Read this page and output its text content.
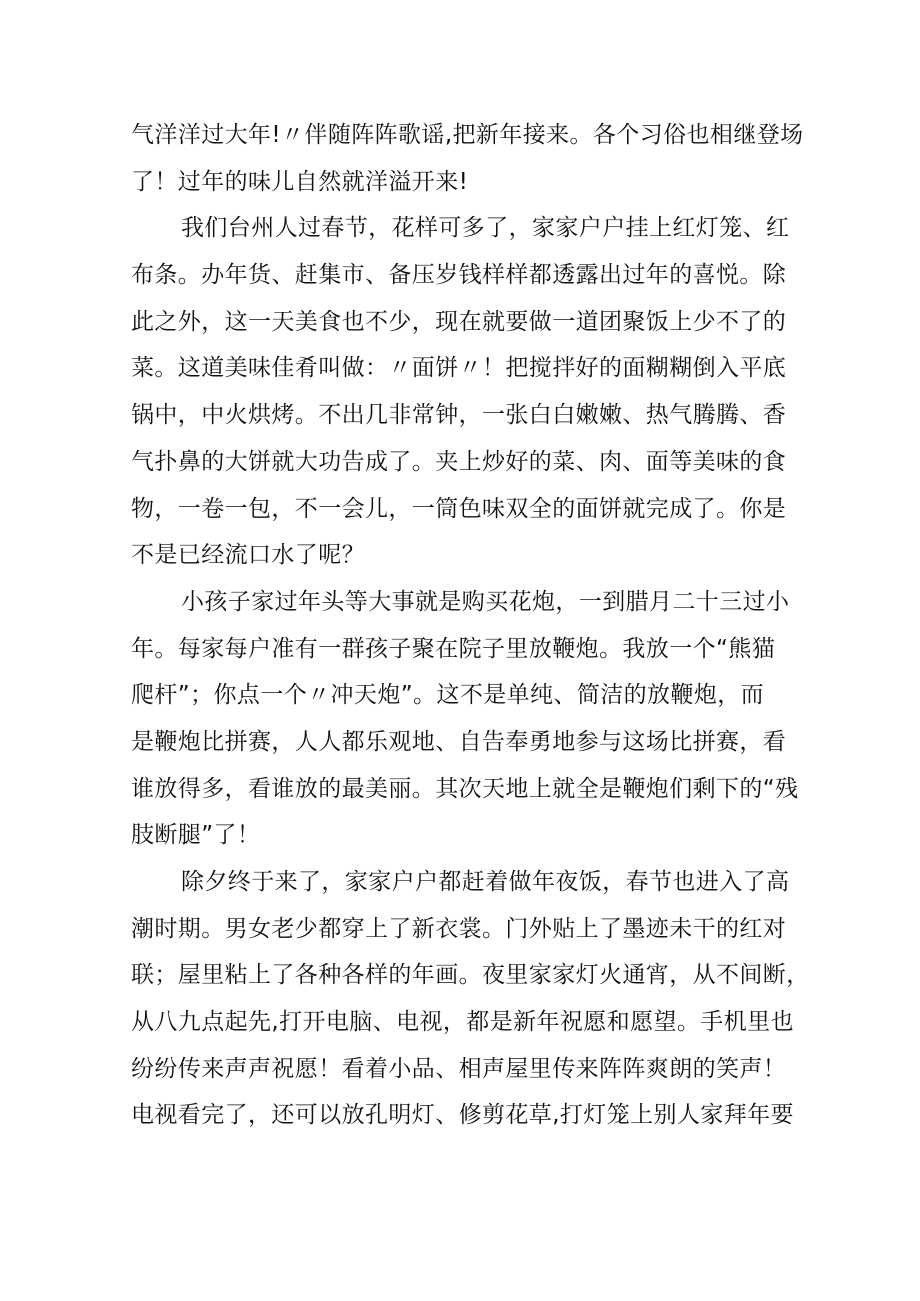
气洋洋过大年!〃伴随阵阵歌谣,把新年接来。各个习俗也相继登场
了！过年的味儿自然就洋溢开来!
我们台州人过春节，花样可多了，家家户户挂上红灯笼、红
布条。办年货、赶集市、备压岁钱样样都透露出过年的喜悦。除
此之外，这一天美食也不少，现在就要做一道团聚饭上少不了的
菜。这道美味佳肴叫做：〃面饼〃！把搅拌好的面糊糊倒入平底
锅中，中火烘烤。不出几非常钟，一张白白嫩嫩、热气腾腾、香
气扑鼻的大饼就大功告成了。夹上炒好的菜、肉、面等美味的食
物，一卷一包，不一会儿，一筒色味双全的面饼就完成了。你是
不是已经流口水了呢？
小孩子家过年头等大事就是购买花炮，一到腊月二十三过小
年。每家每户准有一群孩子聚在院子里放鞭炮。我放一个“熊猫
爬杆”；你点一个〃冲天炮”。这不是单纯、简洁的放鞭炮，而
是鞭炮比拼赛，人人都乐观地、自告奉勇地参与这场比拼赛，看
谁放得多，看谁放的最美丽。其次天地上就全是鞭炮们剩下的“残
肢断腿”了！
除夕终于来了，家家户户都赶着做年夜饭，春节也进入了高
潮时期。男女老少都穿上了新衣裳。门外贴上了墨迹未干的红对
联；屋里粘上了各种各样的年画。夜里家家灯火通宵，从不间断，
从八九点起先,打开电脑、电视，都是新年祝愿和愿望。手机里也
纷纷传来声声祝愿！看着小品、相声屋里传来阵阵爽朗的笑声！
电视看完了，还可以放孔明灯、修剪花草,打灯笼上别人家拜年要
